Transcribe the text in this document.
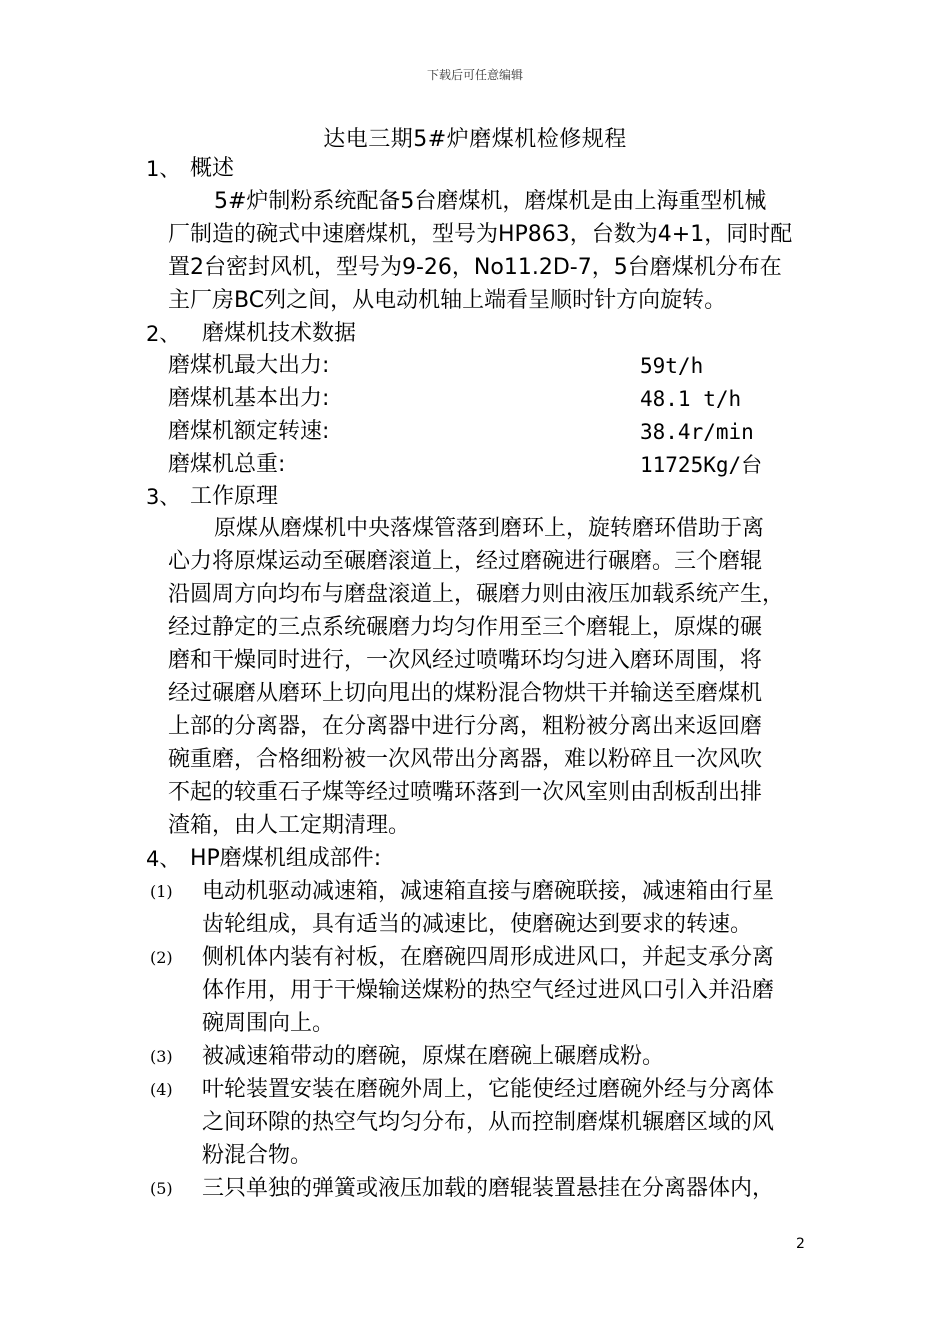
下载后可任意编辑
达电三期5#炉磨煤机检修规程
1、 概述
5#炉制粉系统配备5台磨煤机，磨煤机是由上海重型机械
厂制造的碗式中速磨煤机，型号为HP863，台数为4+1，同时配
置2台密封风机，型号为9-26，No11.2D-7，5台磨煤机分布在
主厂房BC列之间，从电动机轴上端看呈顺时针方向旋转。
2、 磨煤机技术数据
磨煤机最大出力:	59t/h
磨煤机基本出力:	48.1 t/h
磨煤机额定转速:	38.4r/min
磨煤机总重:	11725Kg/台
3、 工作原理
原煤从磨煤机中央落煤管落到磨环上，旋转磨环借助于离
心力将原煤运动至碾磨滚道上，经过磨碗进行碾磨。三个磨辊
沿圆周方向均布与磨盘滚道上，碾磨力则由液压加载系统产生，
经过静定的三点系统碾磨力均匀作用至三个磨辊上，原煤的碾
磨和干燥同时进行，一次风经过喷嘴环均匀进入磨环周围，将
经过碾磨从磨环上切向甩出的煤粉混合物烘干并输送至磨煤机
上部的分离器，在分离器中进行分离，粗粉被分离出来返回磨
碗重磨，合格细粉被一次风带出分离器，难以粉碎且一次风吹
不起的较重石子煤等经过喷嘴环落到一次风室则由刮板刮出排
渣箱，由人工定期清理。
4、 HP磨煤机组成部件:
(1) 电动机驱动减速箱，减速箱直接与磨碗联接，减速箱由行星
齿轮组成，具有适当的减速比，使磨碗达到要求的转速。
(2) 侧机体内装有衬板，在磨碗四周形成进风口，并起支承分离
体作用，用于干燥输送煤粉的热空气经过进风口引入并沿磨
碗周围向上。
(3) 被减速箱带动的磨碗，原煤在磨碗上碾磨成粉。
(4) 叶轮装置安装在磨碗外周上，它能使经过磨碗外经与分离体
之间环隙的热空气均匀分布，从而控制磨煤机辗磨区域的风
粉混合物。
(5) 三只单独的弹簧或液压加载的磨辊装置悬挂在分离器体内，
2
